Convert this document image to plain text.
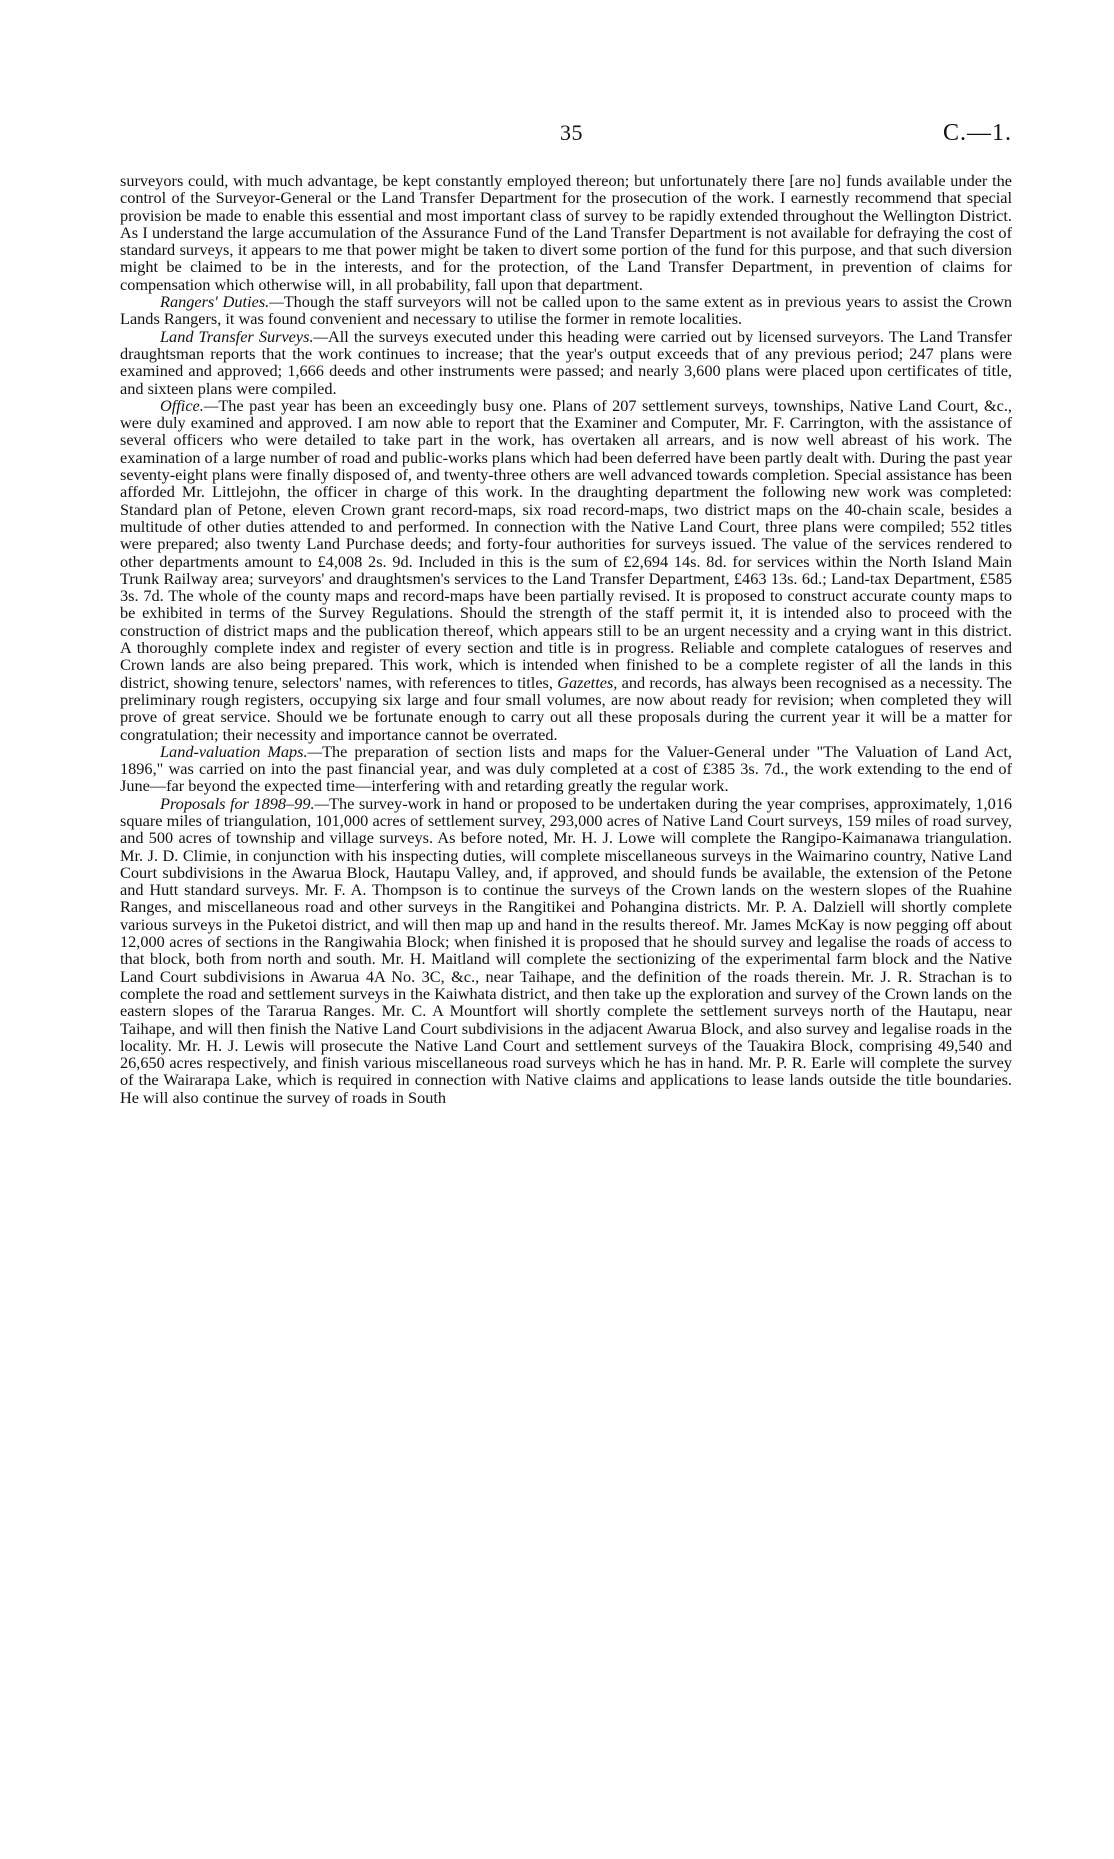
35	C.—1.

surveyors could, with much advantage, be kept constantly employed thereon; but unfortunately there [are no] funds available under the control of the Surveyor-General or the Land Transfer Department for the prosecution of the work. I earnestly recommend that special provision be made to enable this essential and most important class of survey to be rapidly extended throughout the Wellington District. As I understand the large accumulation of the Assurance Fund of the Land Transfer Department is not available for defraying the cost of standard surveys, it appears to me that power might be taken to divert some portion of the fund for this purpose, and that such diversion might be claimed to be in the interests, and for the protection, of the Land Transfer Department, in prevention of claims for compensation which otherwise will, in all probability, fall upon that department.

Rangers' Duties.—Though the staff surveyors will not be called upon to the same extent as in previous years to assist the Crown Lands Rangers, it was found convenient and necessary to utilise the former in remote localities.

Land Transfer Surveys.—All the surveys executed under this heading were carried out by licensed surveyors. The Land Transfer draughtsman reports that the work continues to increase; that the year's output exceeds that of any previous period; 247 plans were examined and approved; 1,666 deeds and other instruments were passed; and nearly 3,600 plans were placed upon certificates of title, and sixteen plans were compiled.

Office.—The past year has been an exceedingly busy one. Plans of 207 settlement surveys, townships, Native Land Court, &c., were duly examined and approved. I am now able to report that the Examiner and Computer, Mr. F. Carrington, with the assistance of several officers who were detailed to take part in the work, has overtaken all arrears, and is now well abreast of his work. The examination of a large number of road and public-works plans which had been deferred have been partly dealt with. During the past year seventy-eight plans were finally disposed of, and twenty-three others are well advanced towards completion. Special assistance has been afforded Mr. Littlejohn, the officer in charge of this work. In the draughting department the following new work was completed: Standard plan of Petone, eleven Crown grant record-maps, six road record-maps, two district maps on the 40-chain scale, besides a multitude of other duties attended to and performed. In connection with the Native Land Court, three plans were compiled; 552 titles were prepared; also twenty Land Purchase deeds; and forty-four authorities for surveys issued. The value of the services rendered to other departments amount to £4,008 2s. 9d. Included in this is the sum of £2,694 14s. 8d. for services within the North Island Main Trunk Railway area; surveyors' and draughtsmen's services to the Land Transfer Department, £463 13s. 6d.; Land-tax Department, £585 3s. 7d. The whole of the county maps and record-maps have been partially revised. It is proposed to construct accurate county maps to be exhibited in terms of the Survey Regulations. Should the strength of the staff permit it, it is intended also to proceed with the construction of district maps and the publication thereof, which appears still to be an urgent necessity and a crying want in this district. A thoroughly complete index and register of every section and title is in progress. Reliable and complete catalogues of reserves and Crown lands are also being prepared. This work, which is intended when finished to be a complete register of all the lands in this district, showing tenure, selectors' names, with references to titles, Gazettes, and records, has always been recognised as a necessity. The preliminary rough registers, occupying six large and four small volumes, are now about ready for revision; when completed they will prove of great service. Should we be fortunate enough to carry out all these proposals during the current year it will be a matter for congratulation; their necessity and importance cannot be overrated.

Land-valuation Maps.—The preparation of section lists and maps for the Valuer-General under "The Valuation of Land Act, 1896," was carried on into the past financial year, and was duly completed at a cost of £385 3s. 7d., the work extending to the end of June—far beyond the expected time—interfering with and retarding greatly the regular work.

Proposals for 1898–99.—The survey-work in hand or proposed to be undertaken during the year comprises, approximately, 1,016 square miles of triangulation, 101,000 acres of settlement survey, 293,000 acres of Native Land Court surveys, 159 miles of road survey, and 500 acres of township and village surveys. As before noted, Mr. H. J. Lowe will complete the Rangipo-Kaimanawa triangulation. Mr. J. D. Climie, in conjunction with his inspecting duties, will complete miscellaneous surveys in the Waimarino country, Native Land Court subdivisions in the Awarua Block, Hautapu Valley, and, if approved, and should funds be available, the extension of the Petone and Hutt standard surveys. Mr. F. A. Thompson is to continue the surveys of the Crown lands on the western slopes of the Ruahine Ranges, and miscellaneous road and other surveys in the Rangitikei and Pohangina districts. Mr. P. A. Dalziell will shortly complete various surveys in the Puketoi district, and will then map up and hand in the results thereof. Mr. James McKay is now pegging off about 12,000 acres of sections in the Rangiwahia Block; when finished it is proposed that he should survey and legalise the roads of access to that block, both from north and south. Mr. H. Maitland will complete the sectionizing of the experimental farm block and the Native Land Court subdivisions in Awarua 4A No. 3C, &c., near Taihape, and the definition of the roads therein. Mr. J. R. Strachan is to complete the road and settlement surveys in the Kaiwhata district, and then take up the exploration and survey of the Crown lands on the eastern slopes of the Tararua Ranges. Mr. C. A Mountfort will shortly complete the settlement surveys north of the Hautapu, near Taihape, and will then finish the Native Land Court subdivisions in the adjacent Awarua Block, and also survey and legalise roads in the locality. Mr. H. J. Lewis will prosecute the Native Land Court and settlement surveys of the Tauakira Block, comprising 49,540 and 26,650 acres respectively, and finish various miscellaneous road surveys which he has in hand. Mr. P. R. Earle will complete the survey of the Wairarapa Lake, which is required in connection with Native claims and applications to lease lands outside the title boundaries. He will also continue the survey of roads in South
